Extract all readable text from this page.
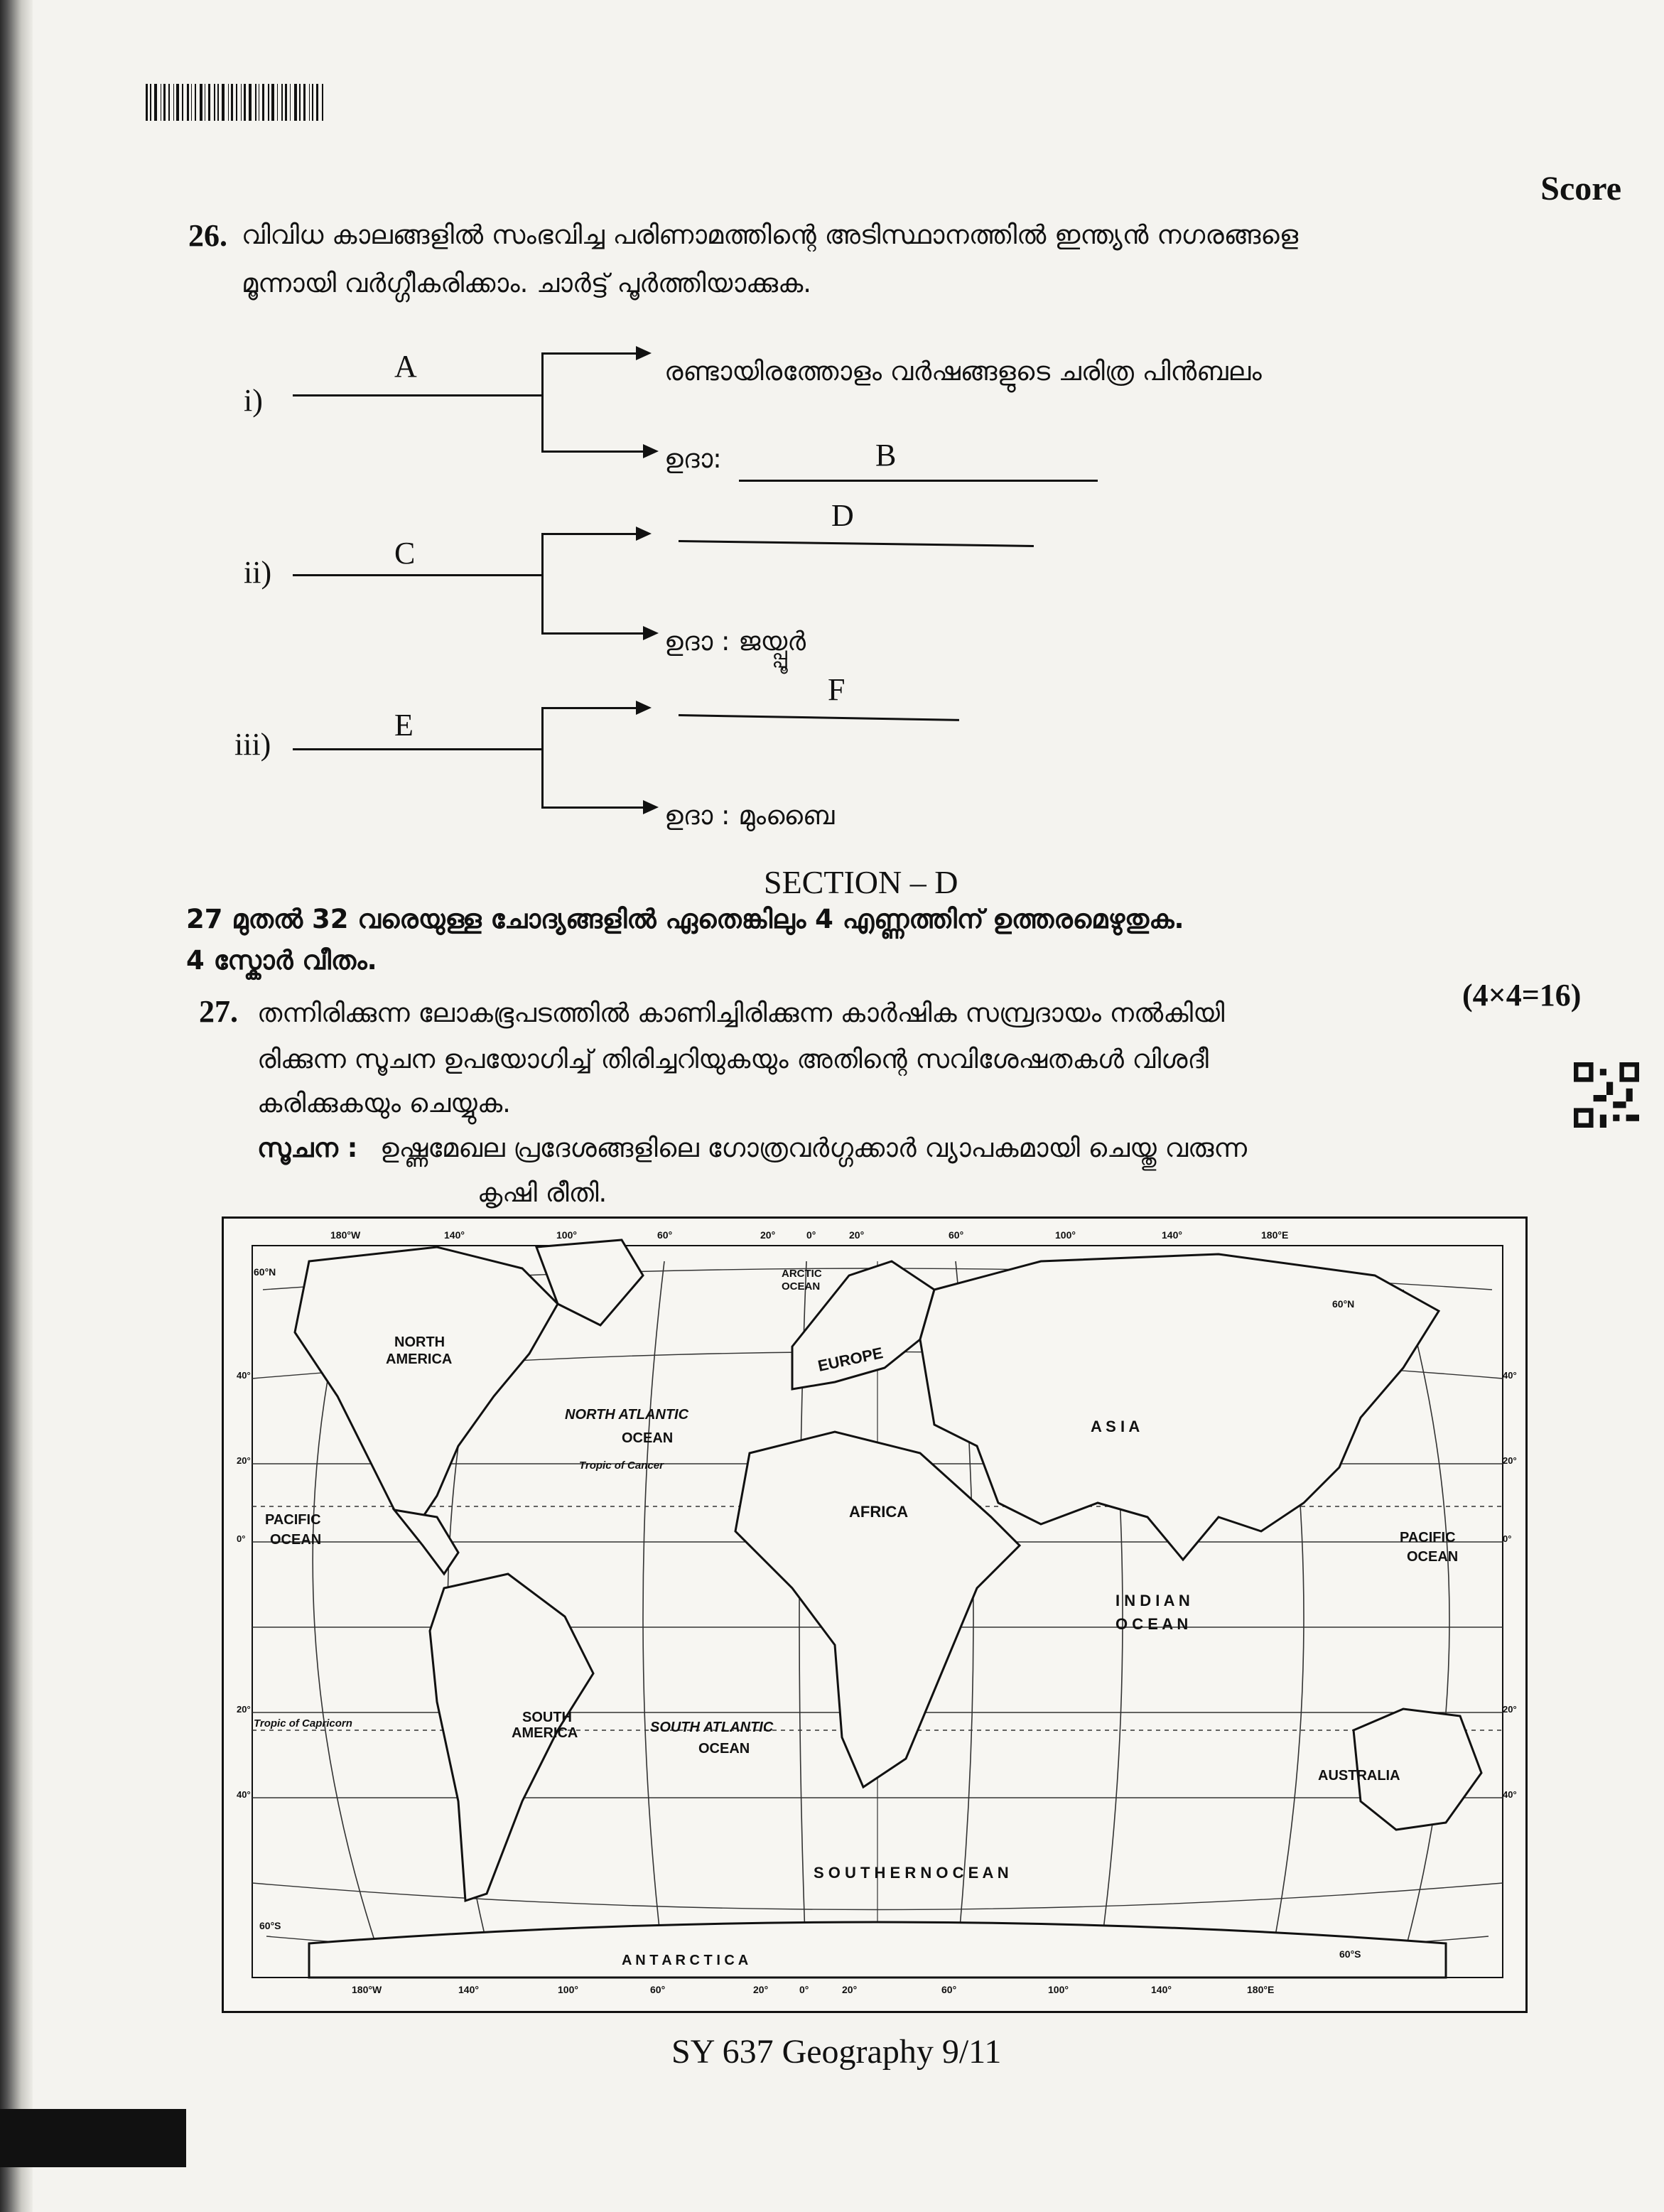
Score
26. വിവിധ കാലങ്ങളിൽ സംഭവിച്ച പരിണാമത്തിന്റെ അടിസ്ഥാനത്തിൽ ഇന്ത്യൻ നഗരങ്ങളെ
മൂന്നായി വർഗ്ഗീകരിക്കാം. ചാർട്ട് പൂർത്തിയാക്കുക.
i)
A	രണ്ടായിരത്തോളം വർഷങ്ങളുടെ ചരിത്ര പിൻബലം
ഉദാ:	B
ii)
C
D
ഉദാ : ജയ്പ്പൂർ
iii)
E
F
ഉദാ : മുംബൈ
SECTION – D
27 മുതൽ 32 വരെയുള്ള ചോദ്യങ്ങളിൽ ഏതെങ്കിലും 4 എണ്ണത്തിന് ഉത്തരമെഴുതുക.
4 സ്കോർ വീതം.
(4×4=16)
27. തന്നിരിക്കുന്ന ലോകഭൂപടത്തിൽ കാണിച്ചിരിക്കുന്ന കാർഷിക സമ്പ്രദായം നൽകിയി
രിക്കുന്ന സൂചന ഉപയോഗിച്ച് തിരിച്ചറിയുകയും അതിന്റെ സവിശേഷതകൾ വിശദീ
കരിക്കുകയും ചെയ്യുക.
സൂചന : ഉഷ്ണമേഖല പ്രദേശങ്ങളിലെ ഗോത്രവർഗ്ഗക്കാർ വ്യാപകമായി ചെയ്തു വരുന്ന
കൃഷി രീതി.
180°W	140°	100°	60°	20°	0°	20°	60°	100°	140°	180°E
180°W	140°	100°	60°	20°	0°	20°	60°	100°	140°	180°E
60°N
60°N
60°S
60°S
40°	40°
20°	20°
0°	0°
20°	20°
40°	40°
NORTH
AMERICA
ARCTIC
OCEAN
EUROPE
NORTH ATLANTIC
OCEAN
Tropic of Cancer
PACIFIC
OCEAN
AFRICA
A S I A
PACIFIC
OCEAN
I N D I A N
O C E A N
Tropic of Capricorn	SOUTH
AMERICA	SOUTH ATLANTIC
OCEAN
AUSTRALIA
S O U T H E R N O C E A N
A N T A R C T I C A
SY 637 Geography 9/11
